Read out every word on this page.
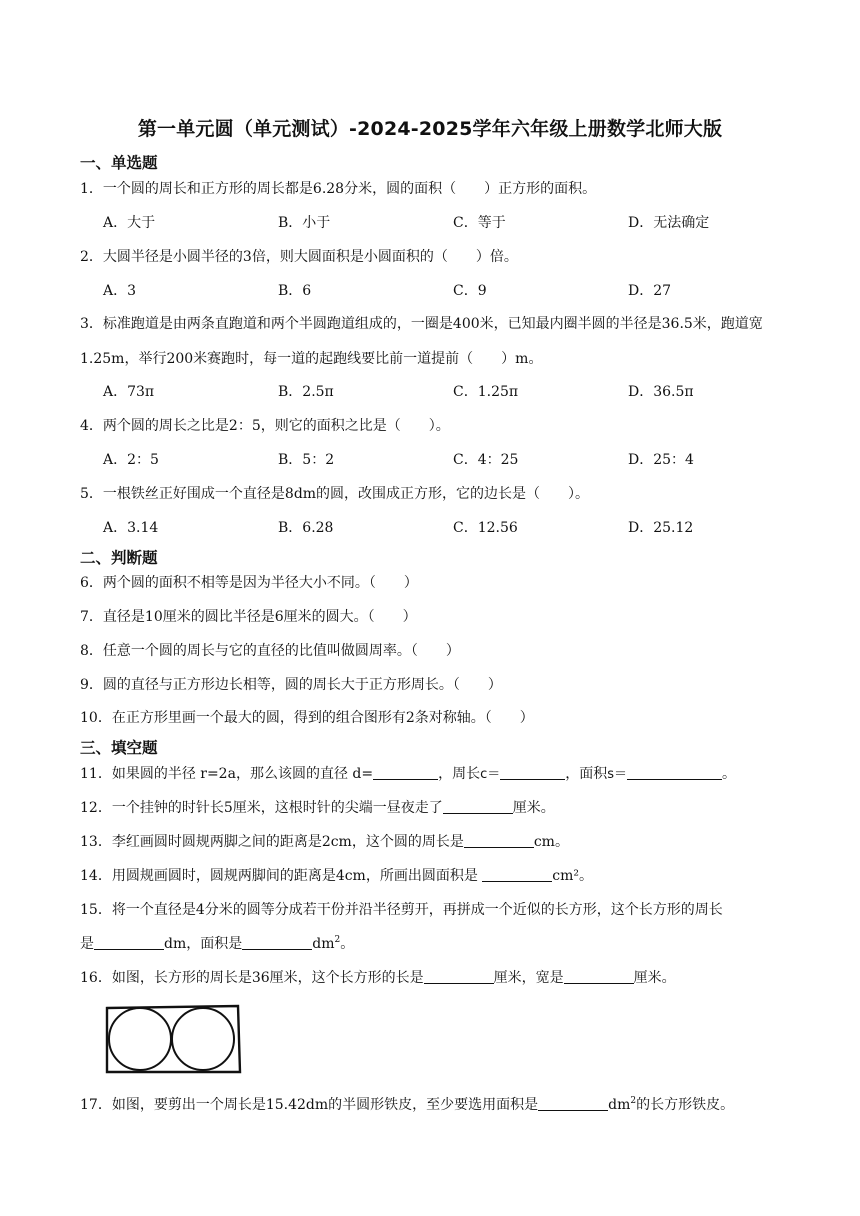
第一单元圆（单元测试）-2024-2025学年六年级上册数学北师大版
一、单选题
1．一个圆的周长和正方形的周长都是6.28分米，圆的面积（　　）正方形的面积。
A．大于	B．小于	C．等于	D．无法确定
2．大圆半径是小圆半径的3倍，则大圆面积是小圆面积的（　　）倍。
A．3	B．6	C．9	D．27
3．标准跑道是由两条直跑道和两个半圆跑道组成的，一圈是400米，已知最内圈半圆的半径是36.5米，跑道宽1.25m，举行200米赛跑时，每一道的起跑线要比前一道提前（　　）m。
A．73π	B．2.5π	C．1.25π	D．36.5π
4．两个圆的周长之比是2：5，则它的面积之比是（　　）。
A．2：5	B．5：2	C．4：25	D．25：4
5．一根铁丝正好围成一个直径是8dm的圆，改围成正方形，它的边长是（　　）。
A．3.14	B．6.28	C．12.56	D．25.12
二、判断题
6．两个圆的面积不相等是因为半径大小不同。（　　）
7．直径是10厘米的圆比半径是6厘米的圆大。（　　）
8．任意一个圆的周长与它的直径的比值叫做圆周率。（　　）
9．圆的直径与正方形边长相等，圆的周长大于正方形周长。（　　）
10．在正方形里画一个最大的圆，得到的组合图形有2条对称轴。（　　）
三、填空题
11．如果圆的半径 r=2a，那么该圆的直径 d=	，周长c＝	，面积s＝	。
12．一个挂钟的时针长5厘米，这根时针的尖端一昼夜走了	厘米。
13．李红画圆时圆规两脚之间的距离是2cm，这个圆的周长是	cm。
14．用圆规画圆时，圆规两脚间的距离是4cm，所画出圆面积是	cm²。
15．将一个直径是4分米的圆等分成若干份并沿半径剪开，再拼成一个近似的长方形，这个长方形的周长
是	dm，面积是	$dm^2$。
16．如图，长方形的周长是36厘米，这个长方形的长是	厘米，宽是	厘米。
17．如图，要剪出一个周长是15.42dm的半圆形铁皮，至少要选用面积是	$dm^2$的长方形铁皮。
